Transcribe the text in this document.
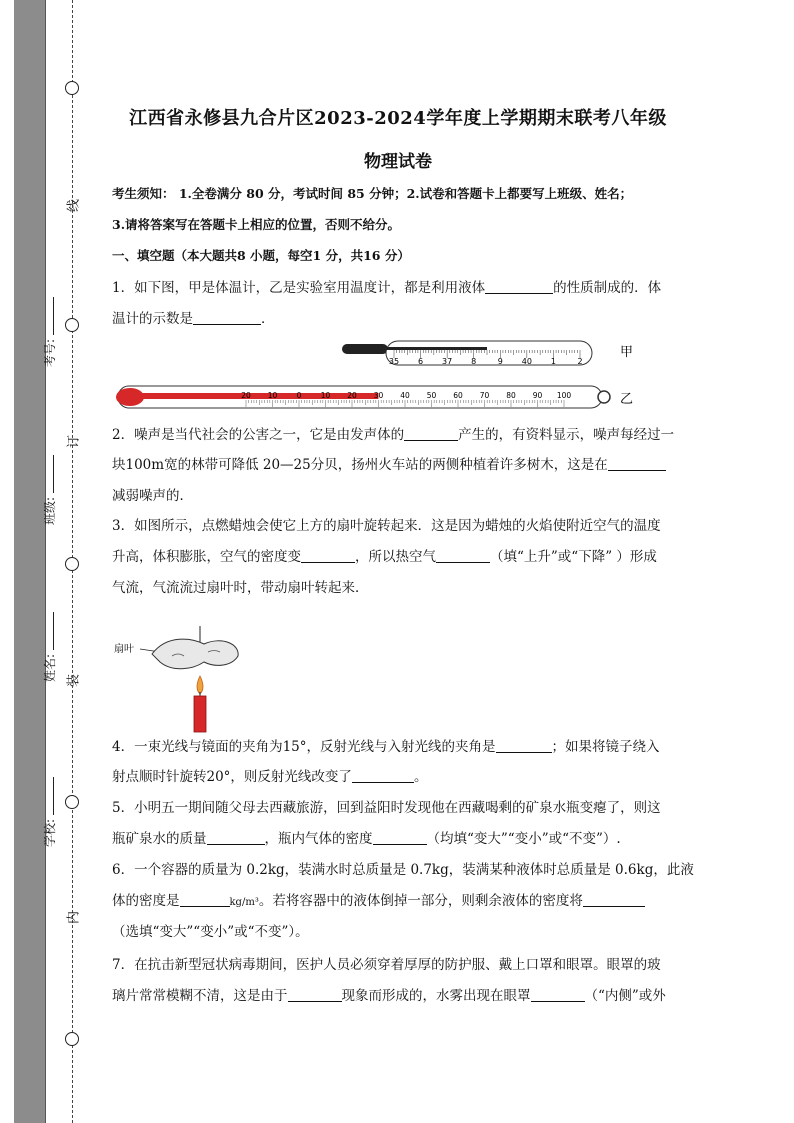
线
订
装
内
考号:
班级:
姓名:
学校:
江西省永修县九合片区2023-2024学年度上学期期末联考八年级
物理试卷
考生须知： 1.全卷满分 80 分，考试时间 85 分钟；2.试卷和答题卡上都要写上班级、姓名；
3.请将答案写在答题卡上相应的位置，否则不给分。
一、填空题（本大题共8 小题，每空1 分，共16 分）
1．如下图，甲是体温计，乙是实验室用温度计，都是利用液体	的性质制成的．体
温计的示数是	．
2．噪声是当代社会的公害之一，它是由发声体的	产生的，有资料显示，噪声每经过一
块100m宽的林带可降低 20—25分贝，扬州火车站的两侧种植着许多树木，这是在
减弱噪声的．
3．如图所示，点燃蜡烛会使它上方的扇叶旋转起来．这是因为蜡烛的火焰使附近空气的温度
升高，体积膨胀，空气的密度变	，所以热空气	（填“上升”或“下降” ）形成
气流，气流流过扇叶时，带动扇叶转起来．
4．一束光线与镜面的夹角为15°，反射光线与入射光线的夹角是	；如果将镜子绕入
射点顺时针旋转20°，则反射光线改变了	。
5．小明五一期间随父母去西藏旅游，回到益阳时发现他在西藏喝剩的矿泉水瓶变瘪了，则这
瓶矿泉水的质量	，瓶内气体的密度	（均填“变大”“变小”或“不变”）.
6．一个容器的质量为 0.2kg，装满水时总质量是 0.7kg，装满某种液体时总质量是 0.6kg，此液
体的密度是	kg/m³。若将容器中的液体倒掉一部分，则剩余液体的密度将
（选填“变大”“变小”或“不变”）。
7．在抗击新型冠状病毒期间，医护人员必须穿着厚厚的防护服、戴上口罩和眼罩。眼罩的玻
璃片常常模糊不清，这是由于	现象而形成的，水雾出现在眼罩	（“内侧”或外
35 6 37 8	9 40 1	2
甲
20 10	0	10 20 30 40 50 60 70 80 90 100	乙
扇叶
